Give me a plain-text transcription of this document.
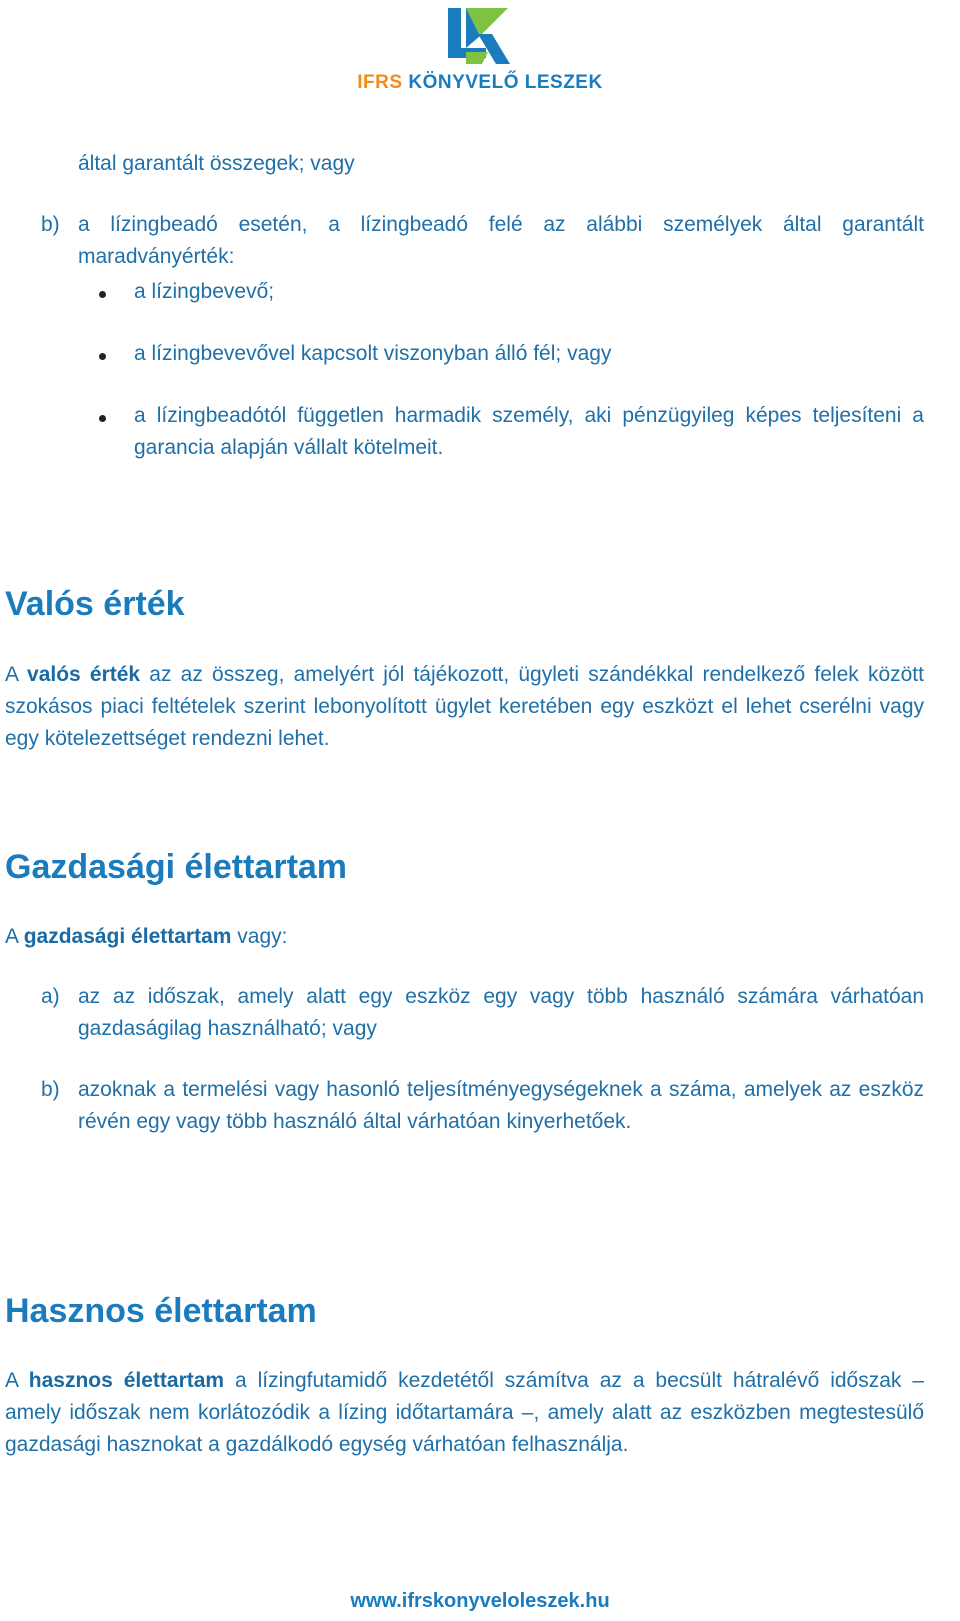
IFRS KÖNYVELŐ LESZEK

által garantált összegek; vagy

b) a lízingbeadó esetén, a lízingbeadó felé az alábbi személyek által garantált maradványérték:

a lízingbevevő;

a lízingbevevővel kapcsolt viszonyban álló fél; vagy

a lízingbeadótól független harmadik személy, aki pénzügyileg képes teljesíteni a garancia alapján vállalt kötelmeit.

Valós érték

A valós érték az az összeg, amelyért jól tájékozott, ügyleti szándékkal rendelkező felek között szokásos piaci feltételek szerint lebonyolított ügylet keretében egy eszközt el lehet cserélni vagy egy kötelezettséget rendezni lehet.

Gazdasági élettartam

A gazdasági élettartam vagy:

a) az az időszak, amely alatt egy eszköz egy vagy több használó számára várhatóan gazdaságilag használható; vagy

b) azoknak a termelési vagy hasonló teljesítményegységeknek a száma, amelyek az eszköz révén egy vagy több használó által várhatóan kinyerhetőek.

Hasznos élettartam

A hasznos élettartam a lízingfutamidő kezdetétől számítva az a becsült hátralévő időszak – amely időszak nem korlátozódik a lízing időtartamára –, amely alatt az eszközben megtestesülő gazdasági hasznokat a gazdálkodó egység várhatóan felhasználja.

www.ifrskonyveloleszek.hu
